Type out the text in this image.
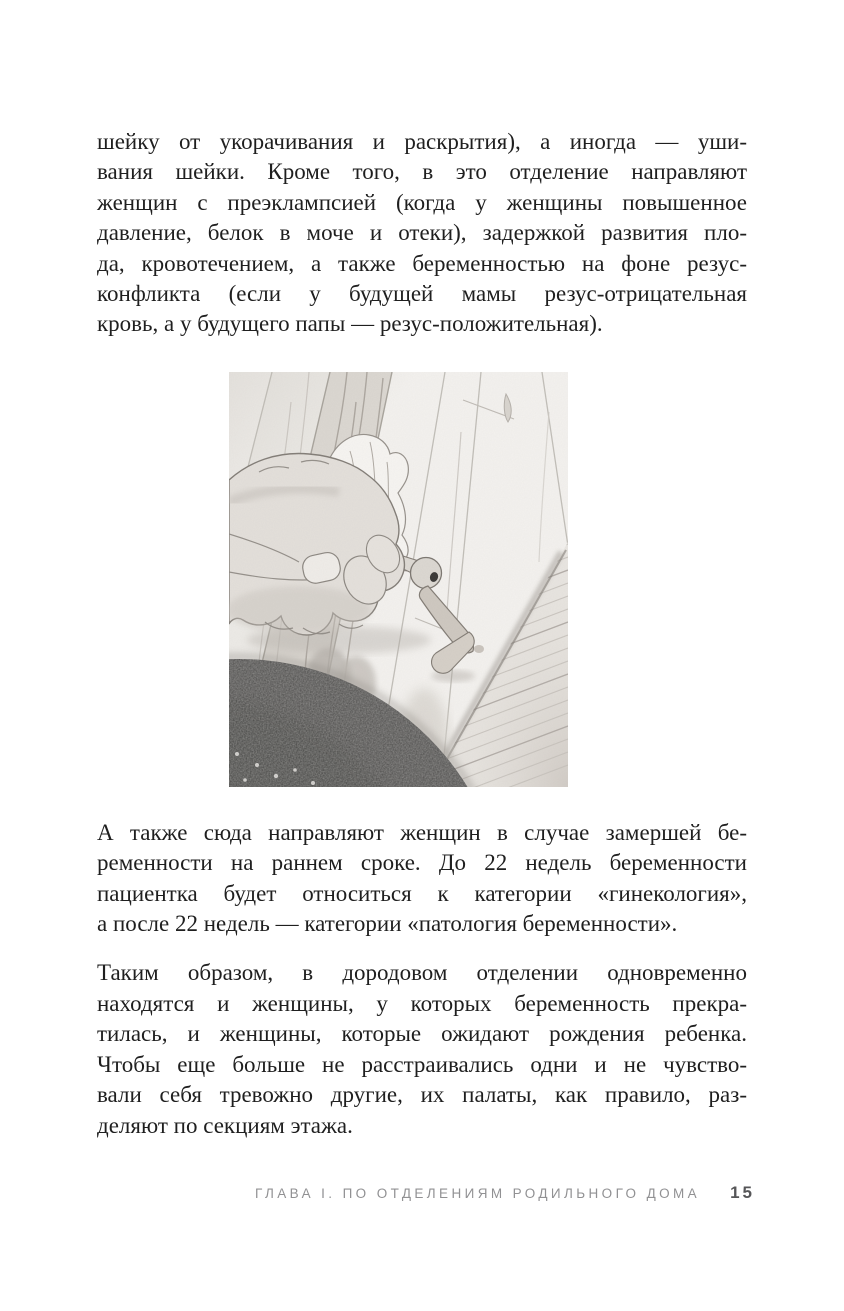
шейку от укорачивания и раскрытия), а иногда — уши-
вания шейки. Кроме того, в это отделение направляют
женщин с преэклампсией (когда у женщины повышенное
давление, белок в моче и отеки), задержкой развития пло-
да, кровотечением, а также беременностью на фоне резус-
конфликта (если у будущей мамы резус-отрицательная
кровь, а у будущего папы — резус-положительная).
А также сюда направляют женщин в случае замершей бе-
ременности на раннем сроке. До 22 недель беременности
пациентка будет относиться к категории «гинекология»,
а после 22 недель — категории «патология беременности».
Таким образом, в дородовом отделении одновременно
находятся и женщины, у которых беременность прекра-
тилась, и женщины, которые ожидают рождения ребенка.
Чтобы еще больше не расстраивались одни и не чувство-
вали себя тревожно другие, их палаты, как правило, раз-
деляют по секциям этажа.
ГЛАВА I. ПО ОТДЕЛЕНИЯМ РОДИЛЬНОГО ДОМА 15
